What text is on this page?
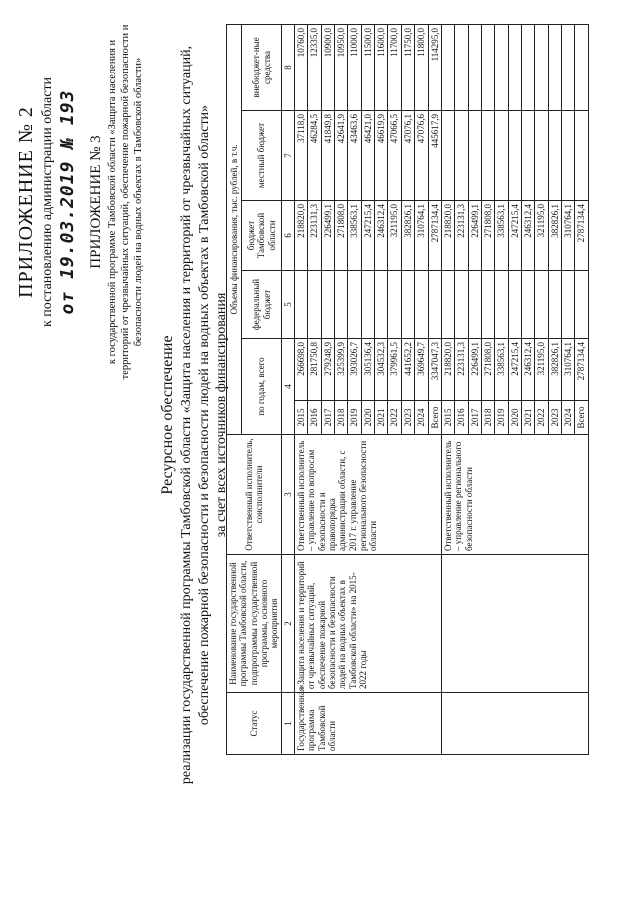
ПРИЛОЖЕНИЕ № 2 к постановлению администрации области от 19.03.2019 № 193 ПРИЛОЖЕНИЕ № 3 к государственной программе Тамбовской области «Защита населения и территорий от чрезвычайных ситуаций, обеспечение пожарной безопасности и безопасности людей на водных объектах в Тамбовской области»
Ресурсное обеспечение реализации государственной программы Тамбовской области «Защита населения и территорий от чрезвычайных ситуаций, обеспечение пожарной безопасности и безопасности людей на водных объектах в Тамбовской области» за счет всех источников финансирования
Статус	Наименование государственной программы Тамбовской области, подпрограммы государственной программы, основного мероприятия	Ответственный исполнитель, соисполнители	Объемы финансирования, тыс. рублей, в т.ч.					
			по годам, всего		федеральный бюджет	бюджет Тамбовской области	местный бюджет	внебюджет-ные средства
1	2	3	4		5	6	7	8
Государственная программа Тамбовской области	«Защита населения и территорий от чрезвычайных ситуаций, обеспечение пожарной безопасности и безопасности людей на водных объектах в Тамбовской области» на 2015-2022 годы	Ответственный исполнитель – управление по вопросам безопасности и правопорядка администрации области, с 2017 г. управление регионального безопасности области	2015	266698,0		218820,0	37118,0	10760,0
			2016	281750,8		223131,3	46284,5	12335,0
			2017	279248,9		226499,1	41849,8	10900,0
			2018	325399,9		271808,0	42641,9	10950,0
			2019	393026,7		338563,1	43463,6	11000,0
			2020	305136,4		247215,4	46421,0	11500,0
			2021	304532,3		246312,4	46619,9	11600,0
			2022	379961,5		321195,0	47066,5	11700,0
			2023	441652,2		382826,1	47076,1	11750,0
			2024	369649,7		310764,1	47076,6	11800,0
			Всего	3347047,3		2787134,4	445617,9	114295,0
		Ответственный исполнитель – управление регионального безопасности области	2015	218820,0		218820,0		
			2016	223131,3		223131,3		
			2017	226499,1		226499,1		
			2018	271808,0		271808,0		
			2019	338563,1		338563,1		
			2020	247215,4		247215,4		
			2021	246312,4		246312,4		
			2022	321195,0		321195,0		
			2023	382826,1		382826,1		
			2024	310764,1		310764,1		
			Всего	2787134,4		2787134,4		
